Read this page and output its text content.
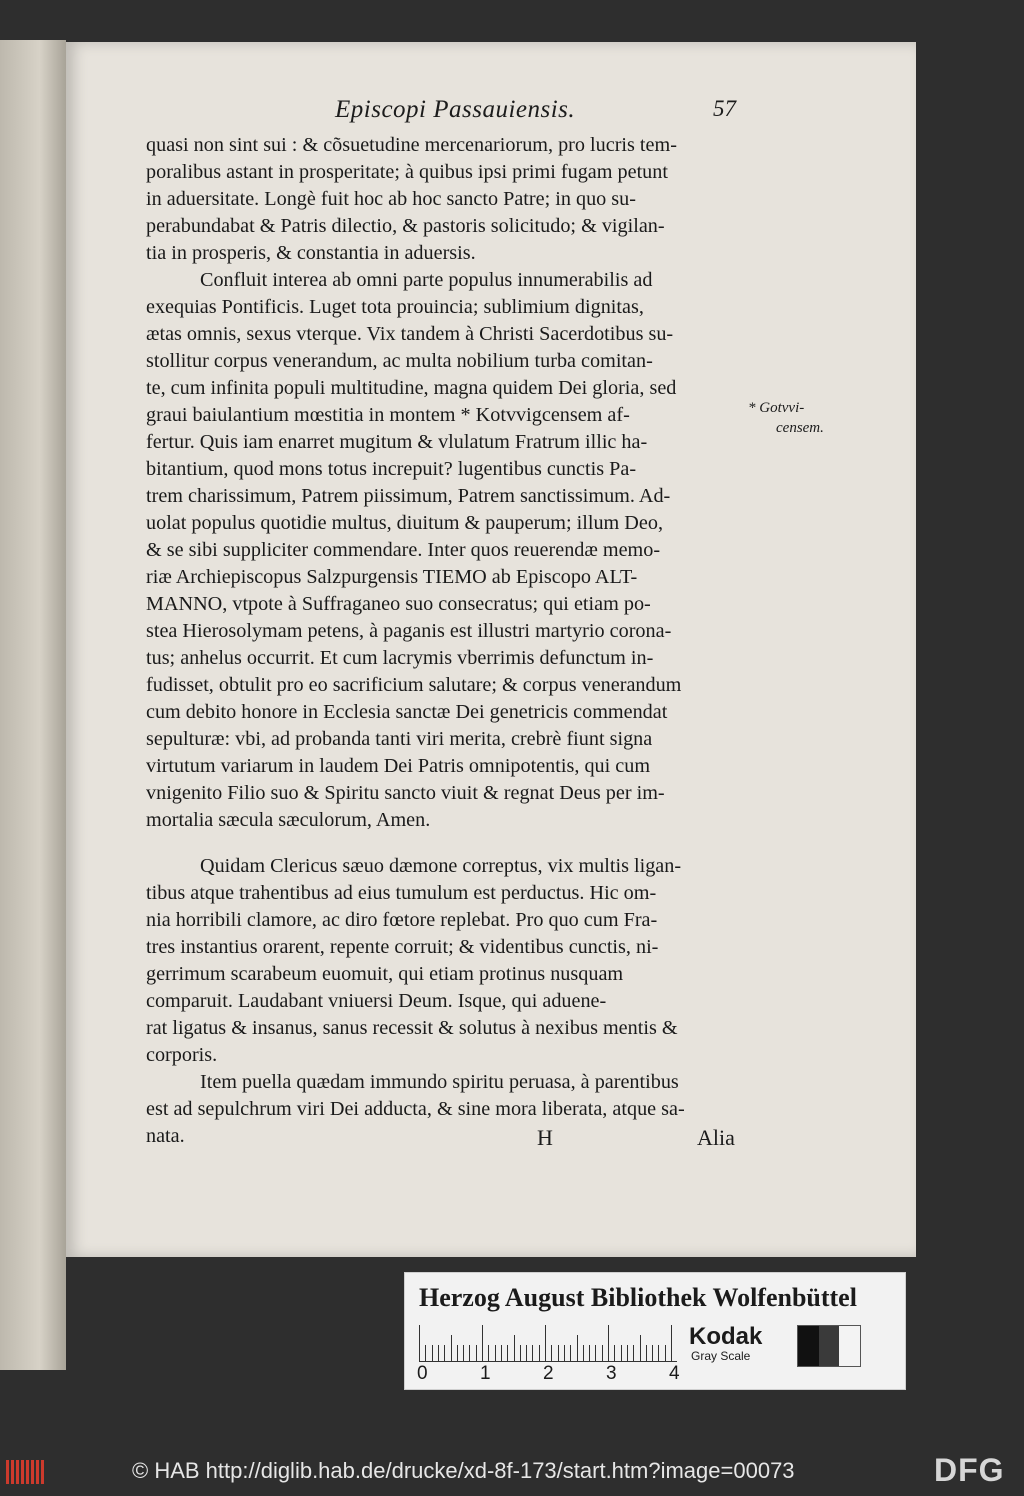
Episcopi Passauiensis.	57
quasi non sint sui : & cõsuetudine mercenariorum, pro lucris tem-
poralibus astant in prosperitate; à quibus ipsi primi fugam petunt
in aduersitate. Longè fuit hoc ab hoc sancto Patre; in quo su-
perabundabat & Patris dilectio, & pastoris solicitudo; & vigilan-
tia in prosperis, & constantia in aduersis.
Confluit interea ab omni parte populus innumerabilis ad
exequias Pontificis. Luget tota prouincia; sublimium dignitas,
ætas omnis, sexus vterque. Vix tandem à Christi Sacerdotibus su-
stollitur corpus venerandum, ac multa nobilium turba comitan-
te, cum infinita populi multitudine, magna quidem Dei gloria, sed
graui baiulantium mœstitia in montem * Kotvvigcensem af-
fertur. Quis iam enarret mugitum & vlulatum Fratrum illic ha-
bitantium, quod mons totus increpuit? lugentibus cunctis Pa-
trem charissimum, Patrem piissimum, Patrem sanctissimum. Ad-
uolat populus quotidie multus, diuitum & pauperum; illum Deo,
& se sibi suppliciter commendare. Inter quos reuerendæ memo-
riæ Archiepiscopus Salzpurgensis TIEMO ab Episcopo ALT-
MANNO, vtpote à Suffraganeo suo consecratus; qui etiam po-
stea Hierosolymam petens, à paganis est illustri martyrio corona-
tus; anhelus occurrit. Et cum lacrymis vberrimis defunctum in-
fudisset, obtulit pro eo sacrificium salutare; & corpus venerandum
cum debito honore in Ecclesia sanctæ Dei genetricis commendat
sepulturæ: vbi, ad probanda tanti viri merita, crebrè fiunt signa
virtutum variarum in laudem Dei Patris omnipotentis, qui cum
vnigenito Filio suo & Spiritu sancto viuit & regnat Deus per im-
mortalia sæcula sæculorum, Amen.
Quidam Clericus sæuo dæmone correptus, vix multis ligan-
tibus atque trahentibus ad eius tumulum est perductus. Hic om-
nia horribili clamore, ac diro fœtore replebat. Pro quo cum Fra-
tres instantius orarent, repente corruit; & videntibus cunctis, ni-
gerrimum scarabeum euomuit, qui etiam protinus nusquam
comparuit. Laudabant vniuersi Deum. Isque, qui aduene-
rat ligatus & insanus, sanus recessit & solutus à nexibus mentis &
corporis.
Item puella quædam immundo spiritu peruasa, à parentibus
est ad sepulchrum viri Dei adducta, & sine mora liberata, atque sa-
nata.
* Gotvvi-
censem.
H	Alia
Herzog August Bibliothek Wolfenbüttel
0	1	2	3	4
Kodak
Gray Scale
© HAB http://diglib.hab.de/drucke/xd-8f-173/start.htm?image=00073	DFG
